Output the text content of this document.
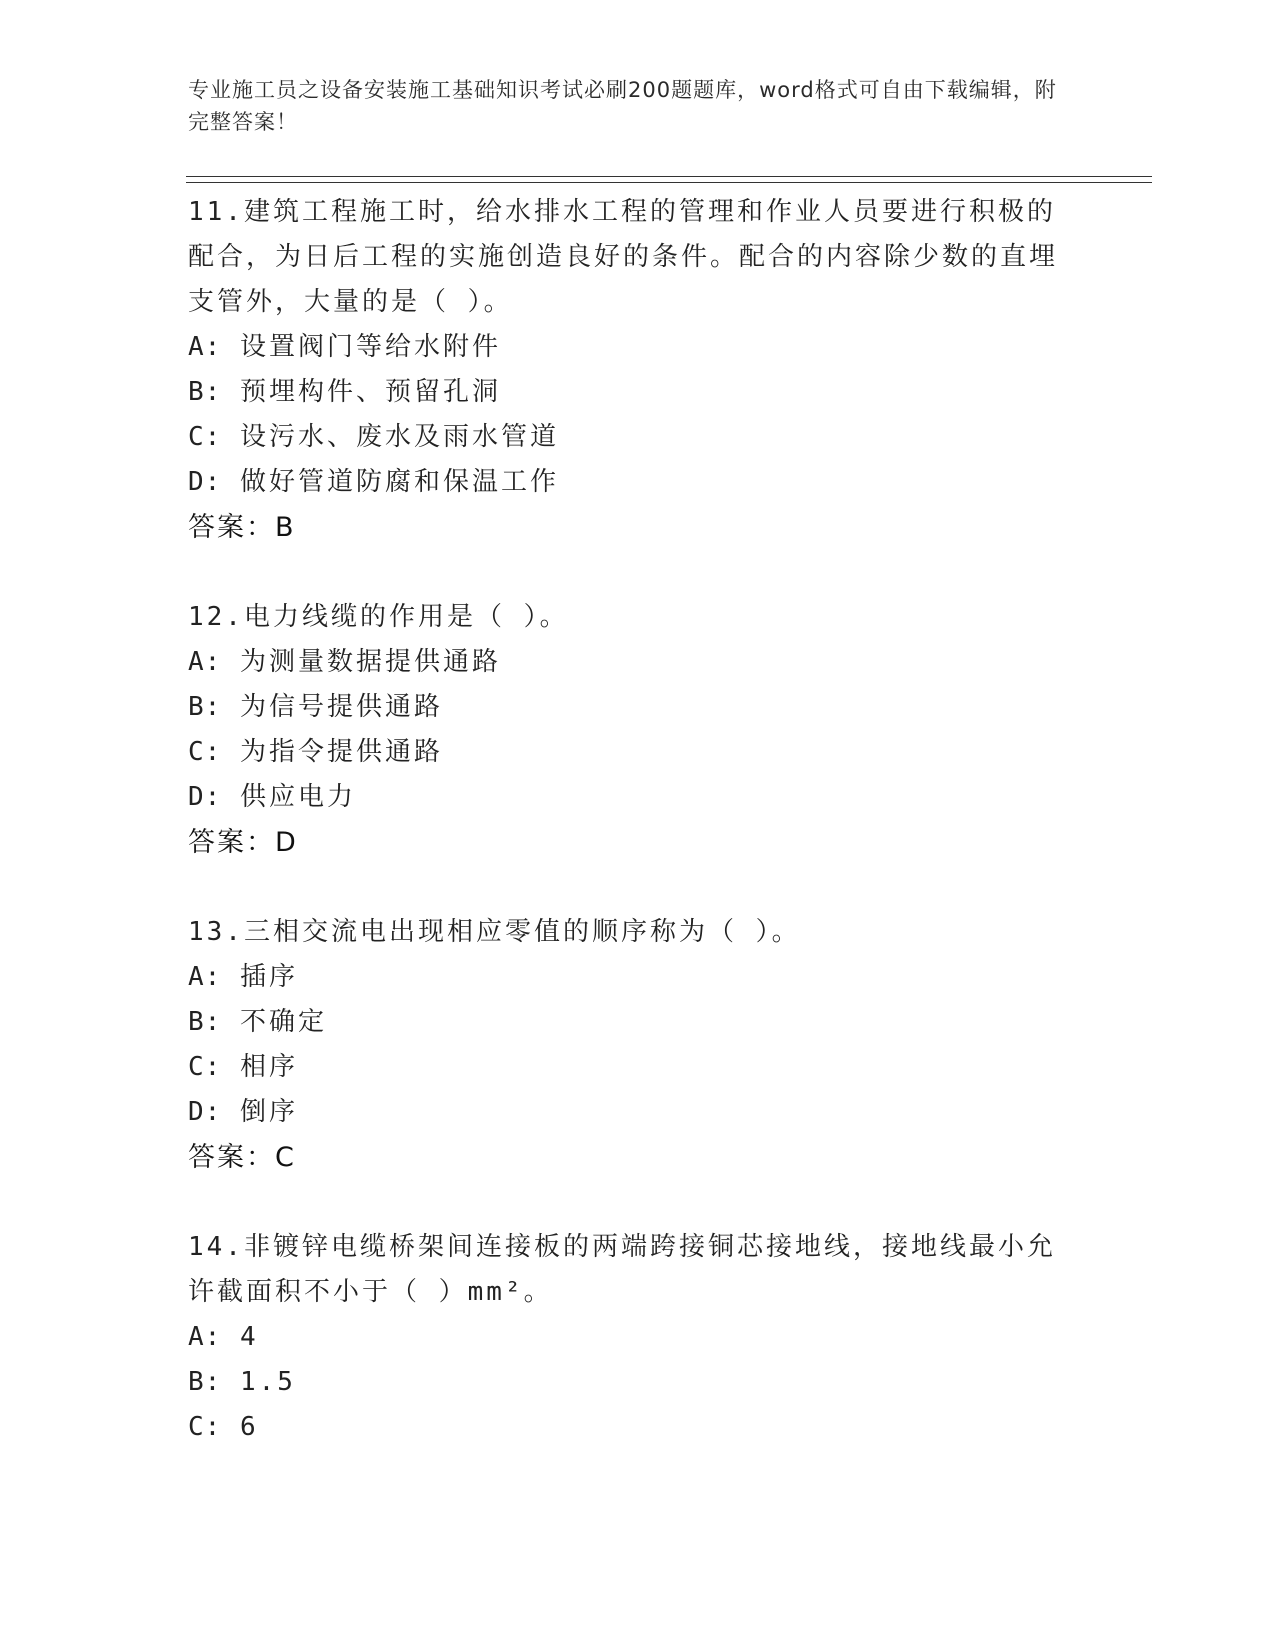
专业施工员之设备安装施工基础知识考试必刷200题题库，word格式可自由下载编辑，附完整答案！

11.建筑工程施工时，给水排水工程的管理和作业人员要进行积极的配合，为日后工程的实施创造良好的条件。配合的内容除少数的直埋支管外，大量的是（ ）。

A: 设置阀门等给水附件

B: 预埋构件、预留孔洞

C: 设污水、废水及雨水管道

D: 做好管道防腐和保温工作

答案：B

12.电力线缆的作用是（ ）。

A: 为测量数据提供通路

B: 为信号提供通路

C: 为指令提供通路

D: 供应电力

答案：D

13.三相交流电出现相应零值的顺序称为（ ）。

A: 插序

B: 不确定

C: 相序

D: 倒序

答案：C

14.非镀锌电缆桥架间连接板的两端跨接铜芯接地线，接地线最小允许截面积不小于（ ）mm²。

A: 4

B: 1.5

C: 6
